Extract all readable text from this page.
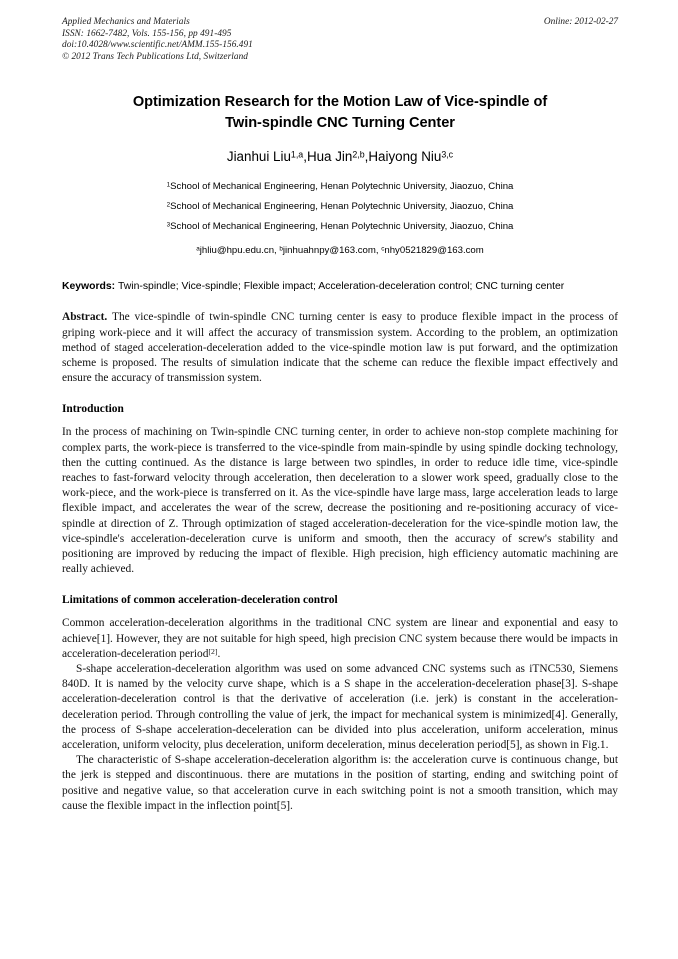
Applied Mechanics and Materials
ISSN: 1662-7482, Vols. 155-156, pp 491-495
doi:10.4028/www.scientific.net/AMM.155-156.491
© 2012 Trans Tech Publications Ltd, Switzerland
Online: 2012-02-27
Optimization Research for the Motion Law of Vice-spindle of
Twin-spindle CNC Turning Center
Jianhui Liu$^{1,a}$,Hua Jin$^{2,b}$,Haiyong Niu$^{3,c}$
$^1$School of Mechanical Engineering, Henan Polytechnic University, Jiaozuo, China
$^2$School of Mechanical Engineering, Henan Polytechnic University, Jiaozuo, China
$^3$School of Mechanical Engineering, Henan Polytechnic University, Jiaozuo, China
$^a$jhliu@hpu.edu.cn, $^b$jinhuahnpy@163.com, $^c$nhy0521829@163.com
Keywords: Twin-spindle; Vice-spindle; Flexible impact; Acceleration-deceleration control; CNC turning center
Abstract. The vice-spindle of twin-spindle CNC turning center is easy to produce flexible impact in the process of griping work-piece and it will affect the accuracy of transmission system. According to the problem, an optimization method of staged acceleration-deceleration added to the vice-spindle motion law is put forward, and the optimization scheme is proposed. The results of simulation indicate that the scheme can reduce the flexible impact effectively and ensure the accuracy of transmission system.
Introduction

In the process of machining on Twin-spindle CNC turning center, in order to achieve non-stop complete machining for complex parts, the work-piece is transferred to the vice-spindle from main-spindle by using spindle docking technology, then the cutting continued. As the distance is large between two spindles, in order to reduce idle time, vice-spindle reaches to fast-forward velocity through acceleration, then deceleration to a slower work speed, gradually close to the work-piece, and the work-piece is transferred on it. As the vice-spindle have large mass, large acceleration leads to large flexible impact, and accelerates the wear of the screw, decrease the positioning and re-positioning accuracy of vice-spindle at direction of Z. Through optimization of staged acceleration-deceleration for the vice-spindle motion law, the vice-spindle's acceleration-deceleration curve is uniform and smooth, then the accuracy of screw's stability and positioning are improved by reducing the impact of flexible. High precision, high efficiency automatic machining are really achieved.

Limitations of common acceleration-deceleration control

Common acceleration-deceleration algorithms in the traditional CNC system are linear and exponential and easy to achieve[1]. However, they are not suitable for high speed, high precision CNC system because there would be impacts in acceleration-deceleration period[2].

S-shape acceleration-deceleration algorithm was used on some advanced CNC systems such as iTNC530, Siemens 840D. It is named by the velocity curve shape, which is a S shape in the acceleration-deceleration phase[3]. S-shape acceleration-deceleration control is that the derivative of acceleration (i.e. jerk) is constant in the acceleration-deceleration period. Through controlling the value of jerk, the impact for mechanical system is minimized[4]. Generally, the process of S-shape acceleration-deceleration can be divided into plus acceleration, uniform acceleration, minus acceleration, uniform velocity, plus deceleration, uniform deceleration, minus deceleration period[5], as shown in Fig.1.

The characteristic of S-shape acceleration-deceleration algorithm is: the acceleration curve is continuous change, but the jerk is stepped and discontinuous. there are mutations in the position of starting, ending and switching point of positive and negative value, so that acceleration curve in each switching point is not a smooth transition, which may cause the flexible impact in the inflection point[5].
